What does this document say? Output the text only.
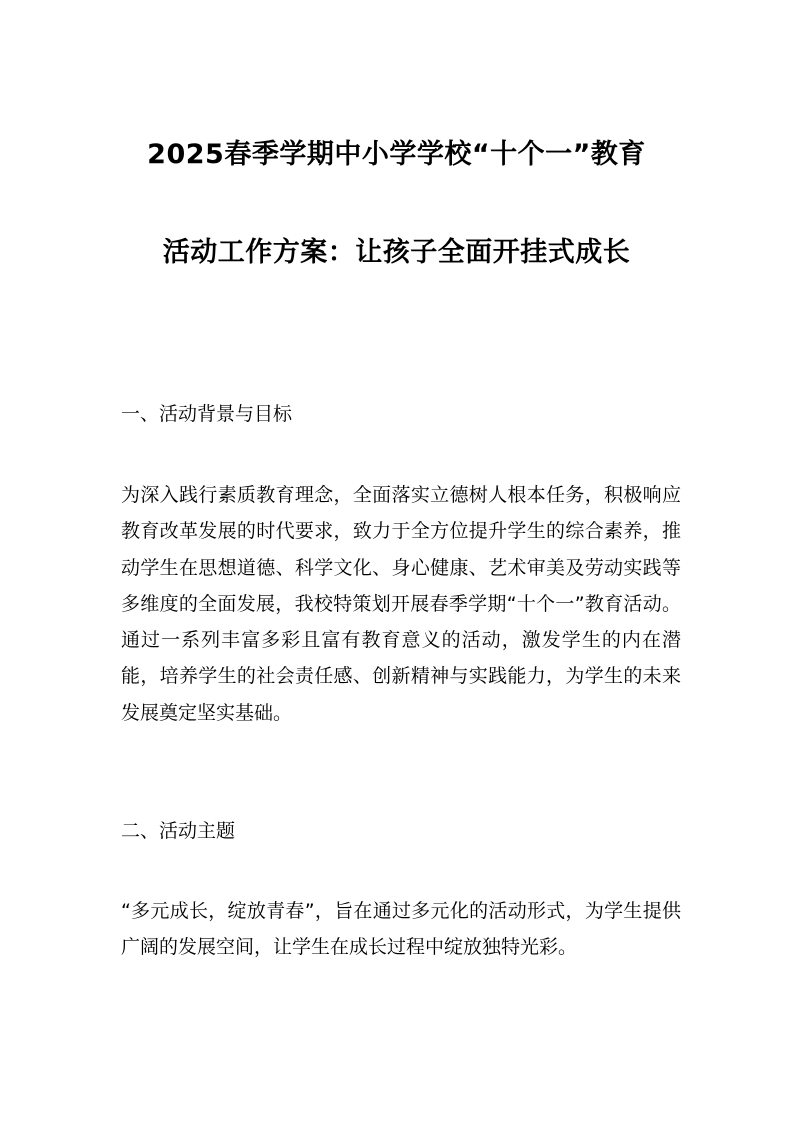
2025春季学期中小学学校“十个一”教育
活动工作方案：让孩子全面开挂式成长
一、活动背景与目标
为深入践行素质教育理念，全面落实立德树人根本任务，积极响应教育改革发展的时代要求，致力于全方位提升学生的综合素养，推动学生在思想道德、科学文化、身心健康、艺术审美及劳动实践等多维度的全面发展，我校特策划开展春季学期“十个一”教育活动。通过一系列丰富多彩且富有教育意义的活动，激发学生的内在潜能，培养学生的社会责任感、创新精神与实践能力，为学生的未来发展奠定坚实基础。
二、活动主题
“多元成长，绽放青春”，旨在通过多元化的活动形式，为学生提供广阔的发展空间，让学生在成长过程中绽放独特光彩。
